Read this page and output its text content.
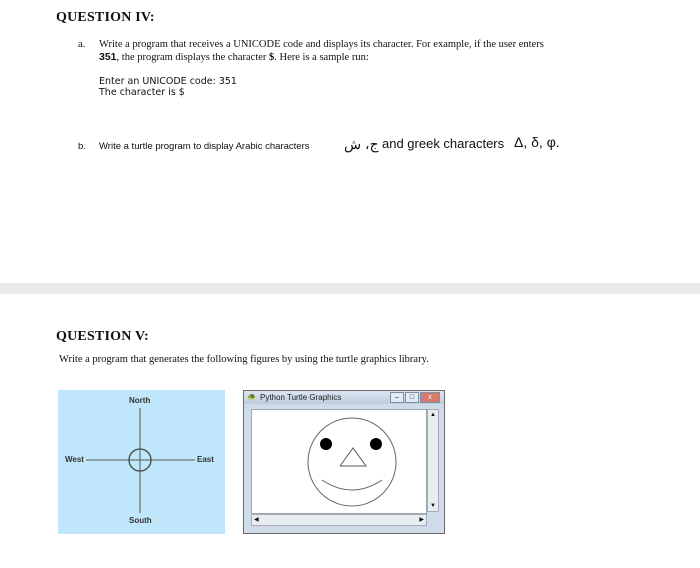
QUESTION IV:
a. Write a program that receives a UNICODE code and displays its character. For example, if the user enters
351, the program displays the character $. Here is a sample run:
Enter an UNICODE code: 351
The character is $
b. Write a turtle program to display Arabic characters ج، ش and greek characters Δ, δ, φ.
QUESTION V:
Write a program that generates the following figures by using the turtle graphics library.
North
South
West	East
🐢 Python Turtle Graphics	–	□	x
▲
▼
◀	▶
